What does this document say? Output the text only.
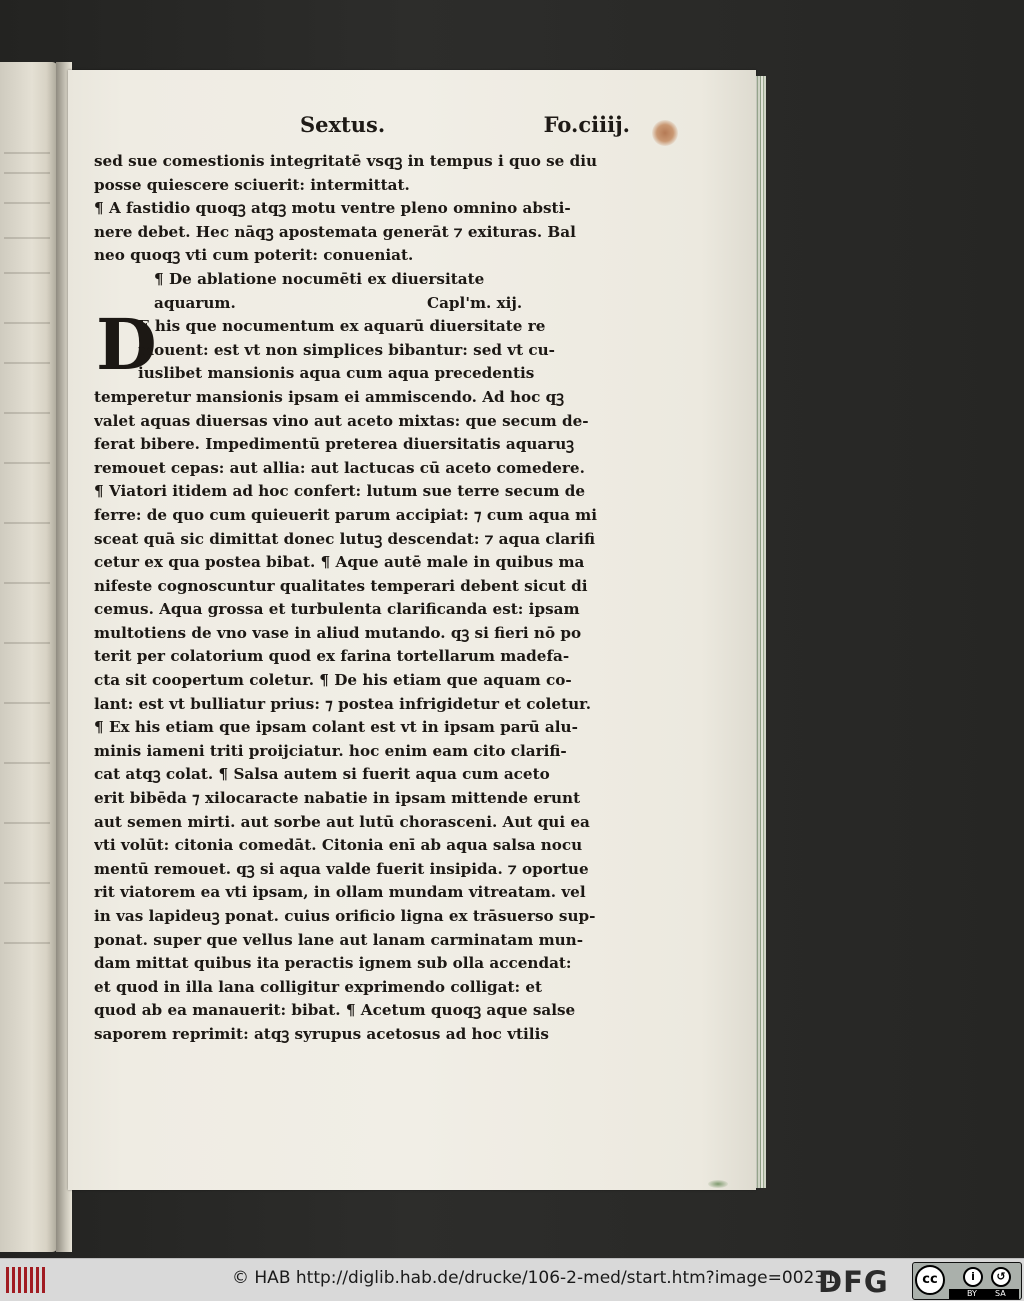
Sextus.	Fo.ciiij.
D
sed sue comestionis integritatē vsqꝫ in tempus i quo se diu
posse quiescere sciuerit: intermittat.
¶ A fastidio quoqꝫ atqꝫ motu ventre pleno omnino absti-
nere debet. Hec nāqꝫ apostemata generāt ⁊ exituras. Bal
neo quoqꝫ vti cum poterit: conueniat.
¶ De ablatione nocumēti ex diuersitate
aquarum.	Capl'm. xij.
E his que nocumentum ex aquarū diuersitate re
mouent: est vt non simplices bibantur: sed vt cu-
iuslibet mansionis aqua cum aqua precedentis
temperetur mansionis ipsam ei ammiscendo. Ad hoc qꝫ
valet aquas diuersas vino aut aceto mixtas: que secum de-
ferat bibere. Impedimentū preterea diuersitatis aquaruꝫ
remouet cepas: aut allia: aut lactucas cū aceto comedere.
¶ Viatori itidem ad hoc confert: lutum sue terre secum de
ferre: de quo cum quieuerit parum accipiat: ⁊ cum aqua mi
sceat quā sic dimittat donec lutuꝫ descendat: ⁊ aqua clarifi
cetur ex qua postea bibat. ¶ Aque autē male in quibus ma
nifeste cognoscuntur qualitates temperari debent sicut di
cemus. Aqua grossa et turbulenta clarificanda est: ipsam
multotiens de vno vase in aliud mutando. qꝫ si fieri nō po
terit per colatorium quod ex farina tortellarum madefa-
cta sit coopertum coletur. ¶ De his etiam que aquam co-
lant: est vt bulliatur prius: ⁊ postea infrigidetur et coletur.
¶ Ex his etiam que ipsam colant est vt in ipsam parū alu-
minis iameni triti proijciatur. hoc enim eam cito clarifi-
cat atqꝫ colat. ¶ Salsa autem si fuerit aqua cum aceto
erit bibēda ⁊ xilocaracte nabatie in ipsam mittende erunt
aut semen mirti. aut sorbe aut lutū chorasceni. Aut qui ea
vti volūt: citonia comedāt. Citonia enī ab aqua salsa nocu
mentū remouet. qꝫ si aqua valde fuerit insipida. ⁊ oportue
rit viatorem ea vti ipsam, in ollam mundam vitreatam. vel
in vas lapideuꝫ ponat. cuius orificio ligna ex trāsuerso sup-
ponat. super que vellus lane aut lanam carminatam mun-
dam mittat quibus ita peractis ignem sub olla accendat:
et quod in illa lana colligitur exprimendo colligat: et
quod ab ea manauerit: bibat. ¶ Acetum quoqꝫ aque salse
saporem reprimit: atqꝫ syrupus acetosus ad hoc vtilis
© HAB http://diglib.hab.de/drucke/106-2-med/start.htm?image=00231
DFG	cc	i	↺
BY SA
